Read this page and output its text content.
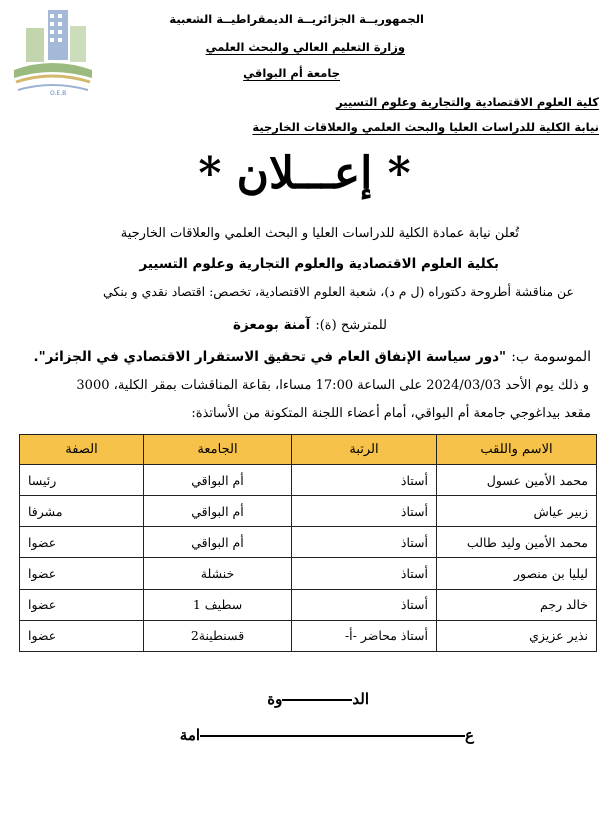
الجمهوريــة الجزائريــة الديمقراطيــة الشعبية
وزارة التعليم العالي والبحث العلمي
جامعة أم البواقي
كلية العلوم الاقتصادية والتجارية وعلوم التسيير
نيابة الكلية للدراسات العليا والبحث العلمي والعلاقات الخارجية
O.E.B
* إعـــلان *
تُعلن نيابة عمادة الكلية للدراسات العليا و البحث العلمي والعلاقات الخارجية
بكلية العلوم الاقتصادية والعلوم التجارية وعلوم التسيير
عن مناقشة أطروحة دكتوراه (ل م د)، شعبة العلوم الاقتصادية، تخصص: اقتصاد نقدي و بنكي
للمترشح (ة): آمنة بومعزة
الموسومة ب: "دور سياسة الإنفاق العام في تحقيق الاستقرار الاقتصادي في الجزائر".
و ذلك يوم الأحد 2024/03/03 على الساعة 17:00 مساءا، بقاعة المناقشات بمقر الكلية، 3000
مقعد بيداغوجي جامعة أم البواقي، أمام أعضاء اللجنة المتكونة من الأساتذة:
الاسم واللقب	الرتبة	الجامعة	الصفة
محمد الأمين عسول	أستاذ	أم البواقي	رئيسا
زبير عياش	أستاذ	أم البواقي	مشرفا
محمد الأمين وليد طالب	أستاذ	أم البواقي	عضوا
ليليا بن منصور	أستاذ	خنشلة	عضوا
خالد رجم	أستاذ	سطيف 1	عضوا
نذير عزيزي	أستاذ محاضر -أ-	قسنطينة2	عضوا
الدوة
عامة
